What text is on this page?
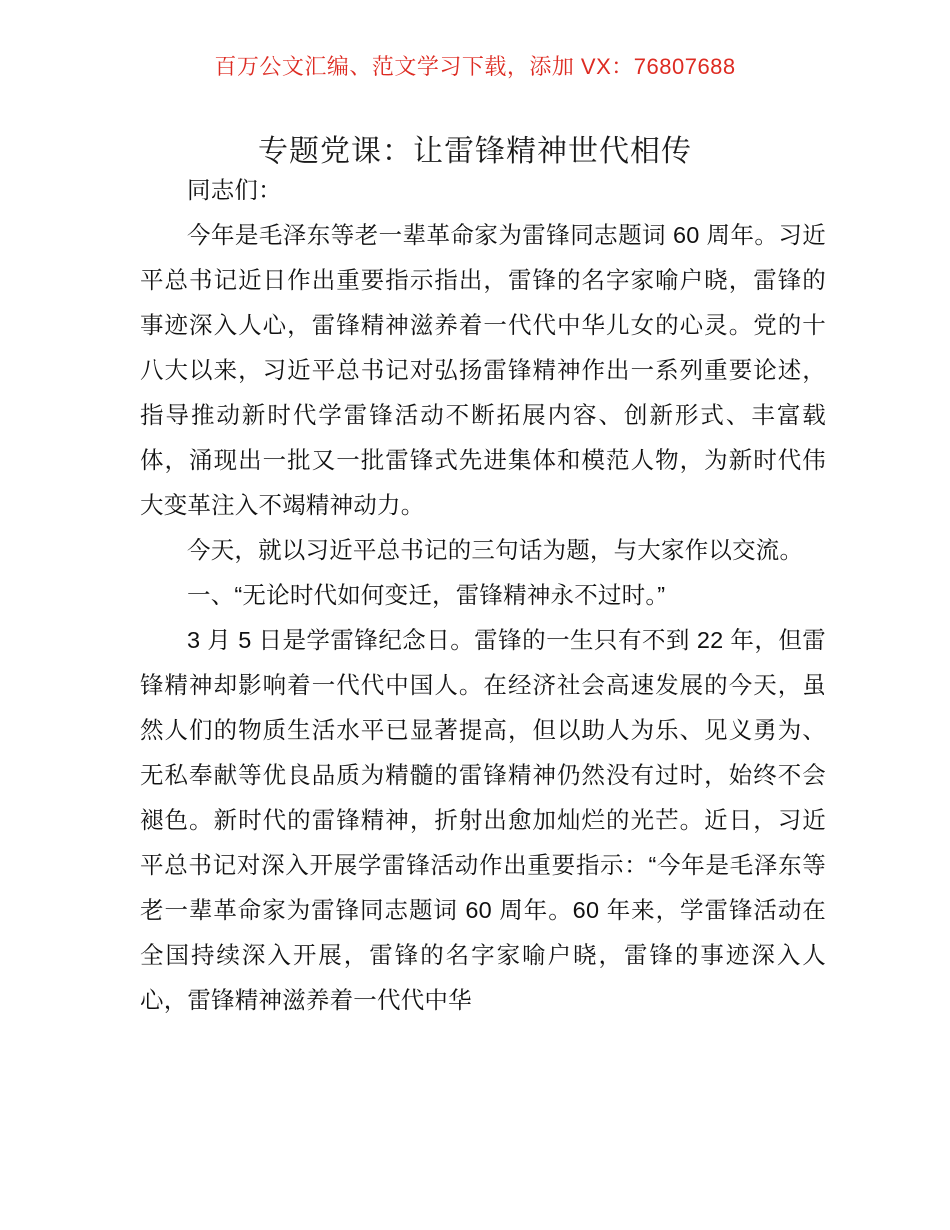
百万公文汇编、范文学习下载，添加 VX：76807688
专题党课：让雷锋精神世代相传

同志们：

今年是毛泽东等老一辈革命家为雷锋同志题词 60 周年。习近平总书记近日作出重要指示指出，雷锋的名字家喻户晓，雷锋的事迹深入人心，雷锋精神滋养着一代代中华儿女的心灵。党的十八大以来，习近平总书记对弘扬雷锋精神作出一系列重要论述，指导推动新时代学雷锋活动不断拓展内容、创新形式、丰富载体，涌现出一批又一批雷锋式先进集体和模范人物，为新时代伟大变革注入不竭精神动力。

今天，就以习近平总书记的三句话为题，与大家作以交流。

一、“无论时代如何变迁，雷锋精神永不过时。”

3 月 5 日是学雷锋纪念日。雷锋的一生只有不到 22 年，但雷锋精神却影响着一代代中国人。在经济社会高速发展的今天，虽然人们的物质生活水平已显著提高，但以助人为乐、见义勇为、无私奉献等优良品质为精髓的雷锋精神仍然没有过时，始终不会褪色。新时代的雷锋精神，折射出愈加灿烂的光芒。近日，习近平总书记对深入开展学雷锋活动作出重要指示：“今年是毛泽东等老一辈革命家为雷锋同志题词 60 周年。60 年来，学雷锋活动在全国持续深入开展，雷锋的名字家喻户晓，雷锋的事迹深入人心，雷锋精神滋养着一代代中华
